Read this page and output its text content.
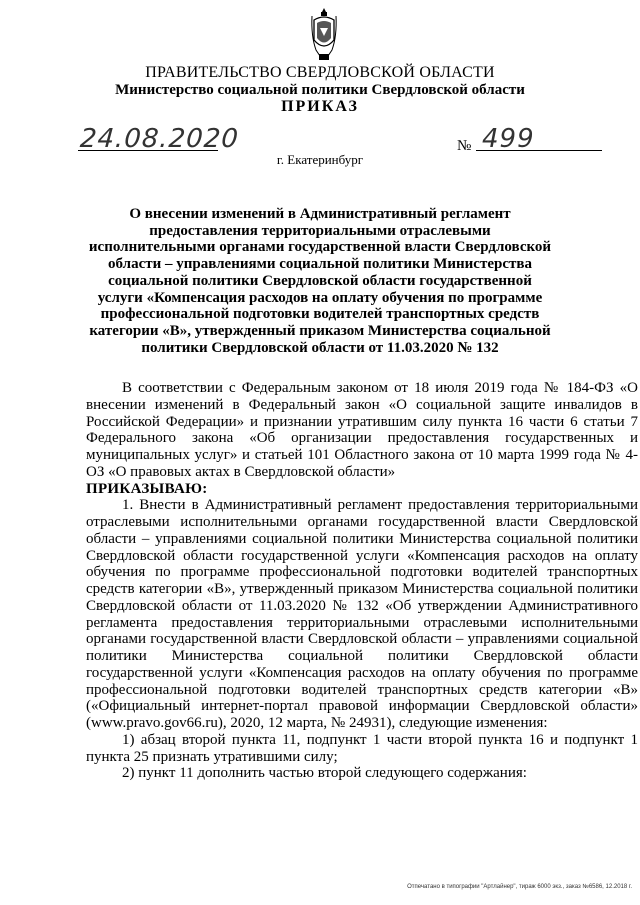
ПРАВИТЕЛЬСТВО СВЕРДЛОВСКОЙ ОБЛАСТИ
Министерство социальной политики Свердловской области
ПРИКАЗ
24.08.2020	№ 499
г. Екатеринбург
О внесении изменений в Административный регламент предоставления территориальными отраслевыми исполнительными органами государственной власти Свердловской области – управлениями социальной политики Министерства социальной политики Свердловской области государственной услуги «Компенсация расходов на оплату обучения по программе профессиональной подготовки водителей транспортных средств категории «В», утвержденный приказом Министерства социальной политики Свердловской области от 11.03.2020 № 132

В соответствии с Федеральным законом от 18 июля 2019 года № 184-ФЗ «О внесении изменений в Федеральный закон «О социальной защите инвалидов в Российской Федерации» и признании утратившим силу пункта 16 части 6 статьи 7 Федерального закона «Об организации предоставления государственных и муниципальных услуг» и статьей 101 Областного закона от 10 марта 1999 года № 4-ОЗ «О правовых актах в Свердловской области»

ПРИКАЗЫВАЮ:

1. Внести в Административный регламент предоставления территориальными отраслевыми исполнительными органами государственной власти Свердловской области – управлениями социальной политики Министерства социальной политики Свердловской области государственной услуги «Компенсация расходов на оплату обучения по программе профессиональной подготовки водителей транспортных средств категории «В», утвержденный приказом Министерства социальной политики Свердловской области от 11.03.2020 № 132 «Об утверждении Административного регламента предоставления территориальными отраслевыми исполнительными органами государственной власти Свердловской области – управлениями социальной политики Министерства социальной политики Свердловской области государственной услуги «Компенсация расходов на оплату обучения по программе профессиональной подготовки водителей транспортных средств категории «В» («Официальный интернет-портал правовой информации Свердловской области» (www.pravo.gov66.ru), 2020, 12 марта, № 24931), следующие изменения:

1) абзац второй пункта 11, подпункт 1 части второй пункта 16 и подпункт 1 пункта 25 признать утратившими силу;

2) пункт 11 дополнить частью второй следующего содержания:

Отпечатано в типографии "Артлайнер", тираж 6000 экз., заказ №6586, 12.2018 г.
